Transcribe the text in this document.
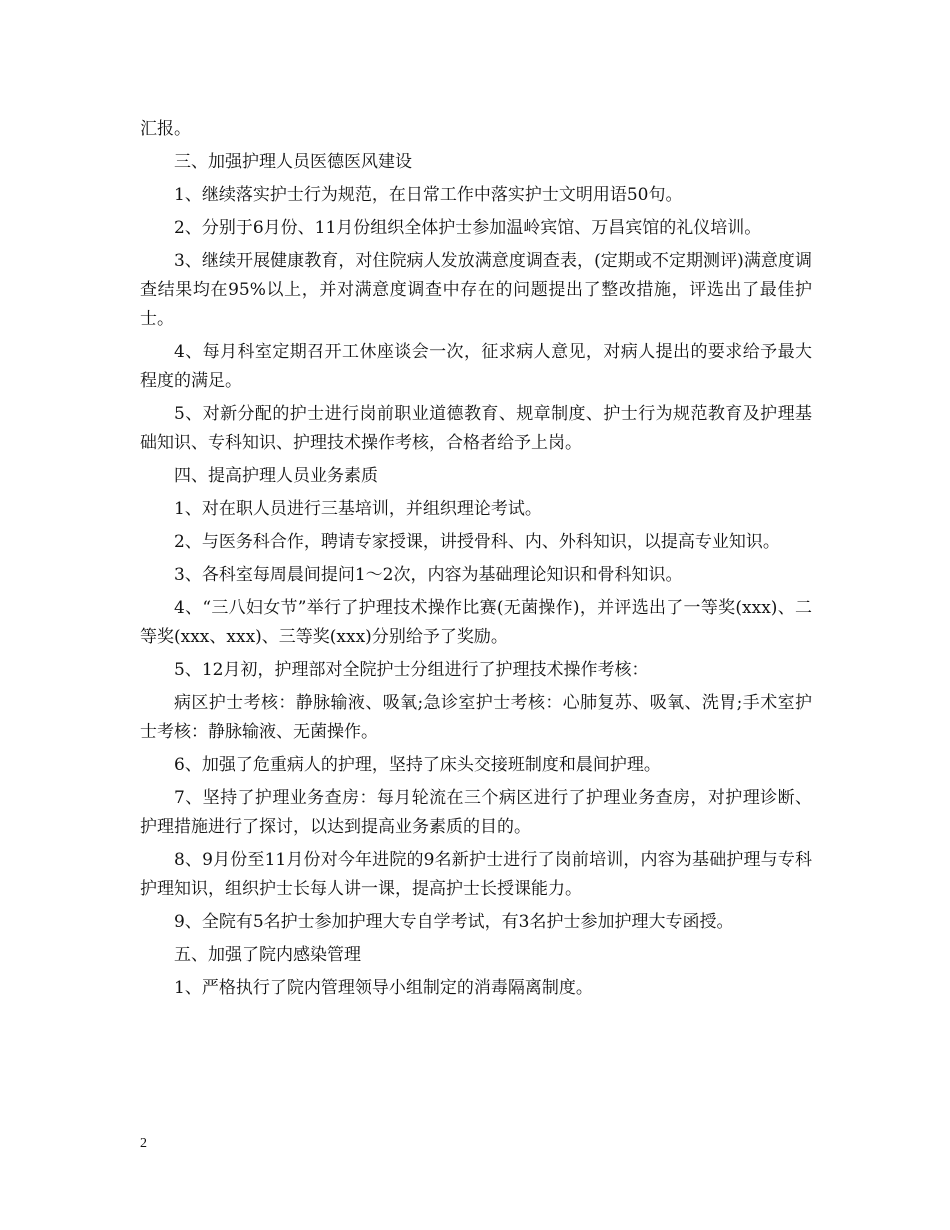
汇报。

三、加强护理人员医德医风建设

1、继续落实护士行为规范，在日常工作中落实护士文明用语50句。

2、分别于6月份、11月份组织全体护士参加温岭宾馆、万昌宾馆的礼仪培训。

3、继续开展健康教育，对住院病人发放满意度调查表，(定期或不定期测评)满意度调查结果均在95%以上，并对满意度调查中存在的问题提出了整改措施，评选出了最佳护士。

4、每月科室定期召开工休座谈会一次，征求病人意见，对病人提出的要求给予最大程度的满足。

5、对新分配的护士进行岗前职业道德教育、规章制度、护士行为规范教育及护理基础知识、专科知识、护理技术操作考核，合格者给予上岗。

四、提高护理人员业务素质

1、对在职人员进行三基培训，并组织理论考试。

2、与医务科合作，聘请专家授课，讲授骨科、内、外科知识，以提高专业知识。

3、各科室每周晨间提问1～2次，内容为基础理论知识和骨科知识。

4、“三八妇女节”举行了护理技术操作比赛(无菌操作)，并评选出了一等奖(xxx)、二等奖(xxx、xxx)、三等奖(xxx)分别给予了奖励。

5、12月初，护理部对全院护士分组进行了护理技术操作考核：

病区护士考核：静脉输液、吸氧;急诊室护士考核：心肺复苏、吸氧、洗胃;手术室护士考核：静脉输液、无菌操作。

6、加强了危重病人的护理，坚持了床头交接班制度和晨间护理。

7、坚持了护理业务查房：每月轮流在三个病区进行了护理业务查房，对护理诊断、护理措施进行了探讨，以达到提高业务素质的目的。

8、9月份至11月份对今年进院的9名新护士进行了岗前培训，内容为基础护理与专科护理知识，组织护士长每人讲一课，提高护士长授课能力。

9、全院有5名护士参加护理大专自学考试，有3名护士参加护理大专函授。

五、加强了院内感染管理

1、严格执行了院内管理领导小组制定的消毒隔离制度。

2
